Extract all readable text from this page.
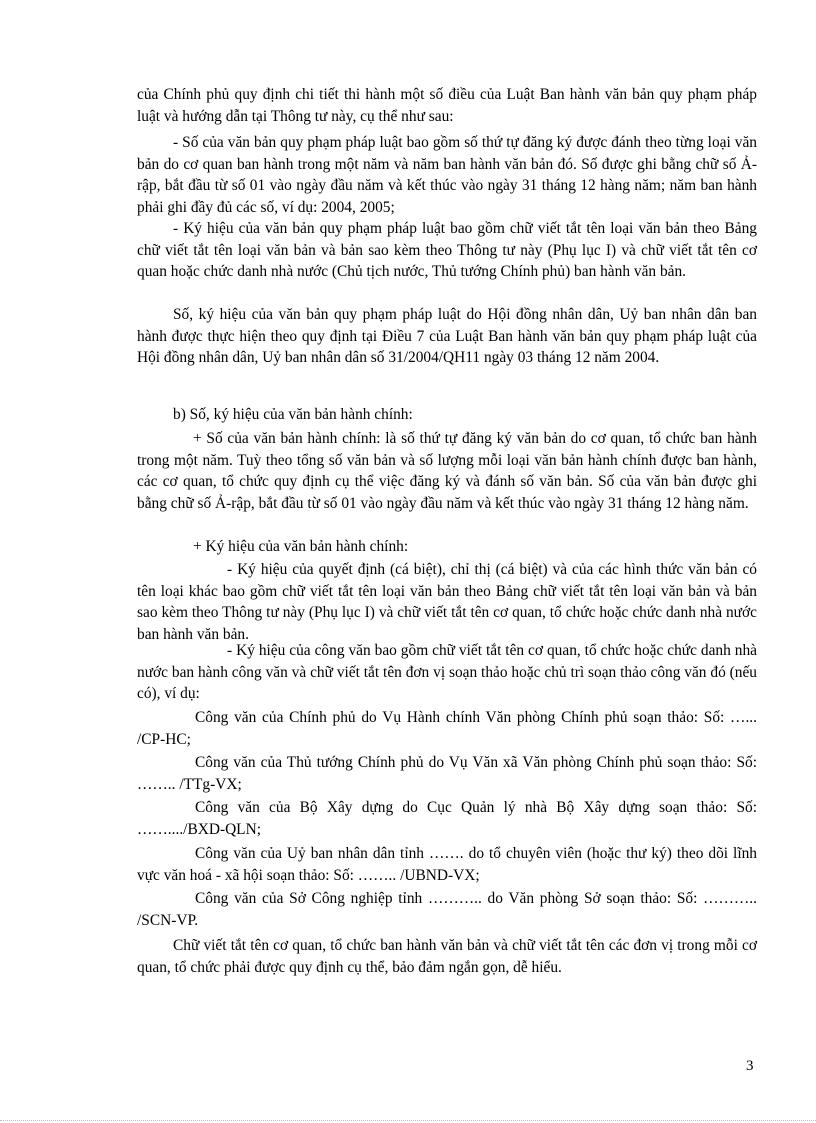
của Chính phủ quy định chi tiết thi hành một số điều của Luật Ban hành văn bản quy phạm pháp luật và hướng dẫn tại Thông tư này, cụ thể như sau:

- Số của văn bản quy phạm pháp luật bao gồm số thứ tự đăng ký được đánh theo từng loại văn bản do cơ quan ban hành trong một năm và năm ban hành văn bản đó. Số được ghi bằng chữ số Ả-rập, bắt đầu từ số 01 vào ngày đầu năm và kết thúc vào ngày 31 tháng 12 hàng năm; năm ban hành phải ghi đầy đủ các số, ví dụ: 2004, 2005;

- Ký hiệu của văn bản quy phạm pháp luật bao gồm chữ viết tắt tên loại văn bản theo Bảng chữ viết tắt tên loại văn bản và bản sao kèm theo Thông tư này (Phụ lục I) và chữ viết tắt tên cơ quan hoặc chức danh nhà nước (Chủ tịch nước, Thủ tướng Chính phủ) ban hành văn bản.

Số, ký hiệu của văn bản quy phạm pháp luật do Hội đồng nhân dân, Uỷ ban nhân dân ban hành được thực hiện theo quy định tại Điều 7 của Luật Ban hành văn bản quy phạm pháp luật của Hội đồng nhân dân, Uỷ ban nhân dân số 31/2004/QH11 ngày 03 tháng 12 năm 2004.

b) Số, ký hiệu của văn bản hành chính:

+ Số của văn bản hành chính: là số thứ tự đăng ký văn bản do cơ quan, tổ chức ban hành trong một năm. Tuỳ theo tổng số văn bản và số lượng mỗi loại văn bản hành chính được ban hành, các cơ quan, tổ chức quy định cụ thể việc đăng ký và đánh số văn bản. Số của văn bản được ghi bằng chữ số Ả-rập, bắt đầu từ số 01 vào ngày đầu năm và kết thúc vào ngày 31 tháng 12 hàng năm.

+ Ký hiệu của văn bản hành chính:

- Ký hiệu của quyết định (cá biệt), chỉ thị (cá biệt) và của các hình thức văn bản có tên loại khác bao gồm chữ viết tắt tên loại văn bản theo Bảng chữ viết tắt tên loại văn bản và bản sao kèm theo Thông tư này (Phụ lục I) và chữ viết tắt tên cơ quan, tổ chức hoặc chức danh nhà nước ban hành văn bản.

- Ký hiệu của công văn bao gồm chữ viết tắt tên cơ quan, tổ chức hoặc chức danh nhà nước ban hành công văn và chữ viết tắt tên đơn vị soạn thảo hoặc chủ trì soạn thảo công văn đó (nếu có), ví dụ:

Công văn của Chính phủ do Vụ Hành chính Văn phòng Chính phủ soạn thảo: Số: …... /CP-HC;

Công văn của Thủ tướng Chính phủ do Vụ Văn xã Văn phòng Chính phủ soạn thảo: Số: …….. /TTg-VX;

Công văn của Bộ Xây dựng do Cục Quản lý nhà Bộ Xây dựng soạn thảo: Số: ……..../BXD-QLN;

Công văn của Uỷ ban nhân dân tỉnh ……. do tổ chuyên viên (hoặc thư ký) theo dõi lĩnh vực văn hoá - xã hội soạn thảo: Số: …….. /UBND-VX;

Công văn của Sở Công nghiệp tỉnh ……….. do Văn phòng Sở soạn thảo: Số: ……….. /SCN-VP.

Chữ viết tắt tên cơ quan, tổ chức ban hành văn bản và chữ viết tắt tên các đơn vị trong mỗi cơ quan, tổ chức phải được quy định cụ thể, bảo đảm ngắn gọn, dễ hiểu.

3
